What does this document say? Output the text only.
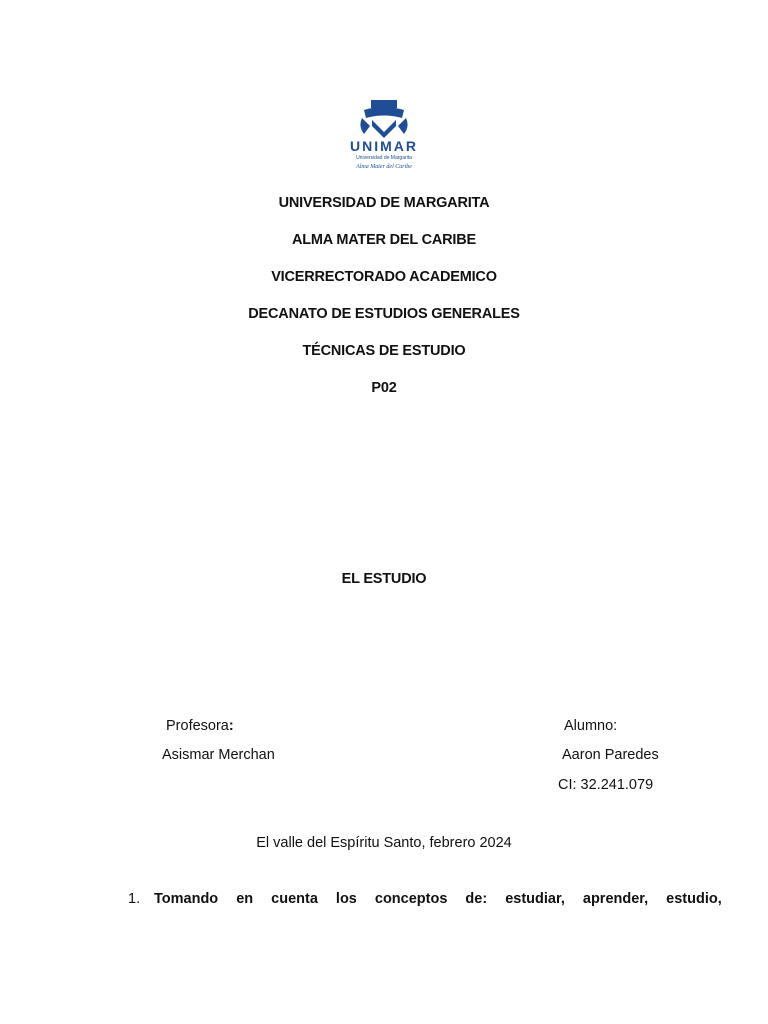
UNIMAR
Universidad de Margarita
Alma Mater del Caribe
UNIVERSIDAD DE MARGARITA
ALMA MATER DEL CARIBE
VICERRECTORADO ACADEMICO
DECANATO DE ESTUDIOS GENERALES
TÉCNICAS DE ESTUDIO
P02
EL ESTUDIO
Profesora:
Asismar Merchan
Alumno:
Aaron Paredes
CI: 32.241.079
El valle del Espíritu Santo, febrero 2024
1. Tomando en cuenta los conceptos de: estudiar, aprender, estudio,
